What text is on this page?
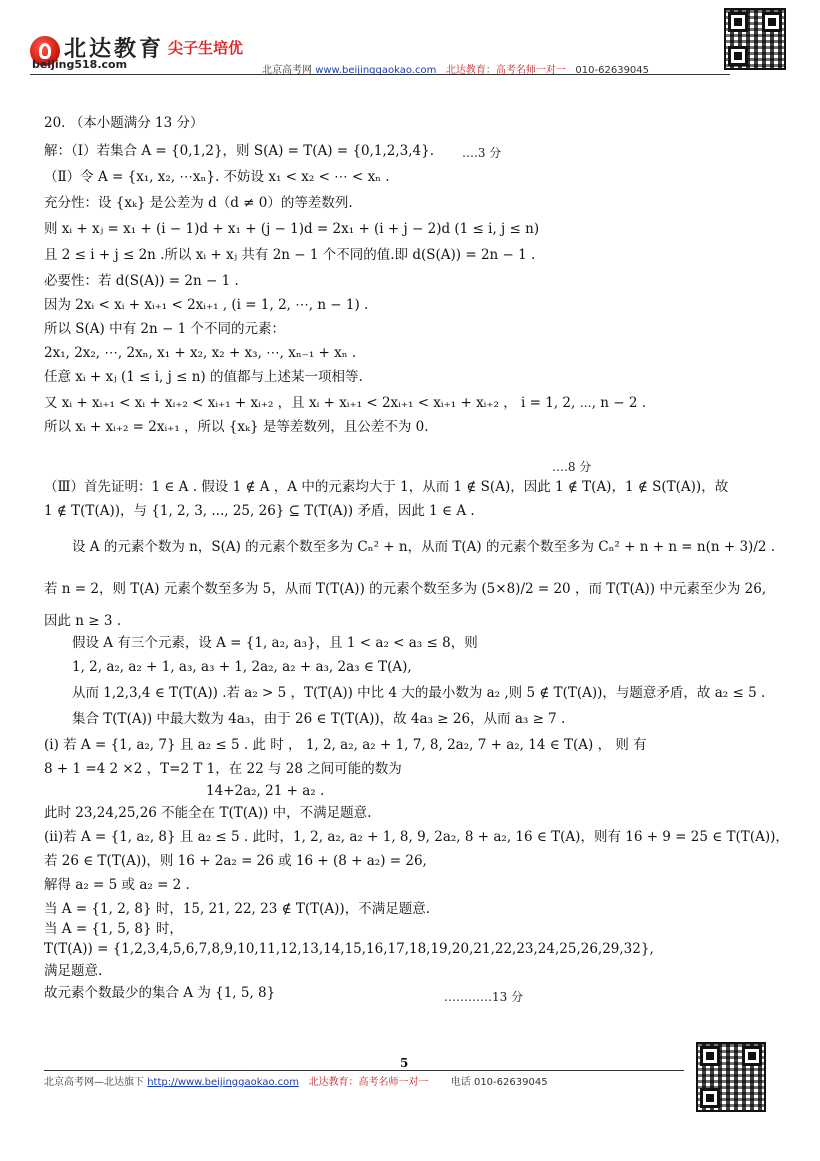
北达教育
beijing518.com
尖子生培优
北京高考网 www.beijinggaokao.com 北达教育：高考名师一对一 010-62639045
20. （本小题满分 13 分）
解：（Ⅰ）若集合 A = {0,1,2}，则 S(A) = T(A) = {0,1,2,3,4}.
（Ⅱ）令 A = {x₁, x₂, ⋯xₙ}. 不妨设 x₁ < x₂ < ⋯ < xₙ .
充分性：设 {xₖ} 是公差为 d（d ≠ 0）的等差数列.
则 xᵢ + xⱼ = x₁ + (i − 1)d + x₁ + (j − 1)d = 2x₁ + (i + j − 2)d (1 ≤ i, j ≤ n)
且 2 ≤ i + j ≤ 2n .所以 xᵢ + xⱼ 共有 2n − 1 个不同的值.即 d(S(A)) = 2n − 1 .
必要性：若 d(S(A)) = 2n − 1 .
因为 2xᵢ < xᵢ + xᵢ₊₁ < 2xᵢ₊₁ , (i = 1, 2, ⋯, n − 1) .
所以 S(A) 中有 2n − 1 个不同的元素：
2x₁, 2x₂, ⋯, 2xₙ, x₁ + x₂, x₂ + x₃, ⋯, xₙ₋₁ + xₙ .
任意 xᵢ + xⱼ (1 ≤ i, j ≤ n) 的值都与上述某一项相等.
又 xᵢ + xᵢ₊₁ < xᵢ + xᵢ₊₂ < xᵢ₊₁ + xᵢ₊₂ ，且 xᵢ + xᵢ₊₁ < 2xᵢ₊₁ < xᵢ₊₁ + xᵢ₊₂ ， i = 1, 2, ⋯, n − 2 .
所以 xᵢ + xᵢ₊₂ = 2xᵢ₊₁ ，所以 {xₖ} 是等差数列，且公差不为 0.
（Ⅲ）首先证明：1 ∈ A . 假设 1 ∉ A ，A 中的元素均大于 1，从而 1 ∉ S(A)，因此 1 ∉ T(A)，1 ∉ S(T(A))，故
1 ∉ T(T(A))，与 {1, 2, 3, ..., 25, 26} ⊆ T(T(A)) 矛盾，因此 1 ∈ A .
设 A 的元素个数为 n，S(A) 的元素个数至多为 Cₙ² + n，从而 T(A) 的元素个数至多为 Cₙ² + n + n = n(n + 3)/2 .
若 n = 2，则 T(A) 元素个数至多为 5，从而 T(T(A)) 的元素个数至多为 (5×8)/2 = 20 ，而 T(T(A)) 中元素至少为 26,
因此 n ≥ 3 .
假设 A 有三个元素，设 A = {1, a₂, a₃}，且 1 < a₂ < a₃ ≤ 8，则
1, 2, a₂, a₂ + 1, a₃, a₃ + 1, 2a₂, a₂ + a₃, 2a₃ ∈ T(A),
从而 1,2,3,4 ∈ T(T(A)) .若 a₂ > 5 ，T(T(A)) 中比 4 大的最小数为 a₂ ,则 5 ∉ T(T(A))，与题意矛盾，故 a₂ ≤ 5 .
集合 T(T(A)) 中最大数为 4a₃，由于 26 ∈ T(T(A))，故 4a₃ ≥ 26，从而 a₃ ≥ 7 .
(i) 若 A = {1, a₂, 7} 且 a₂ ≤ 5 . 此 时 ， 1, 2, a₂, a₂ + 1, 7, 8, 2a₂, 7 + a₂, 14 ∈ T(A) ， 则 有
8 + 1 =4 2 ×2 ，T=2 T 1，在 22 与 28 之间可能的数为
14+2a₂, 21 + a₂ .
此时 23,24,25,26 不能全在 T(T(A)) 中，不满足题意.
(ii)若 A = {1, a₂, 8} 且 a₂ ≤ 5 . 此时，1, 2, a₂, a₂ + 1, 8, 9, 2a₂, 8 + a₂, 16 ∈ T(A)，则有 16 + 9 = 25 ∈ T(T(A))，
若 26 ∈ T(T(A))，则 16 + 2a₂ = 26 或 16 + (8 + a₂) = 26,
解得 a₂ = 5 或 a₂ = 2 .
当 A = {1, 2, 8} 时，15, 21, 22, 23 ∉ T(T(A))，不满足题意.
当 A = {1, 5, 8} 时，
T(T(A)) = {1,2,3,4,5,6,7,8,9,10,11,12,13,14,15,16,17,18,19,20,21,22,23,24,25,26,29,32},
满足题意.
故元素个数最少的集合 A 为 {1, 5, 8}
….3 分
….8 分
…………13 分
5
北京高考网—北达旗下 http://www.beijinggaokao.com 北达教育：高考名师一对一 电话 010-62639045
